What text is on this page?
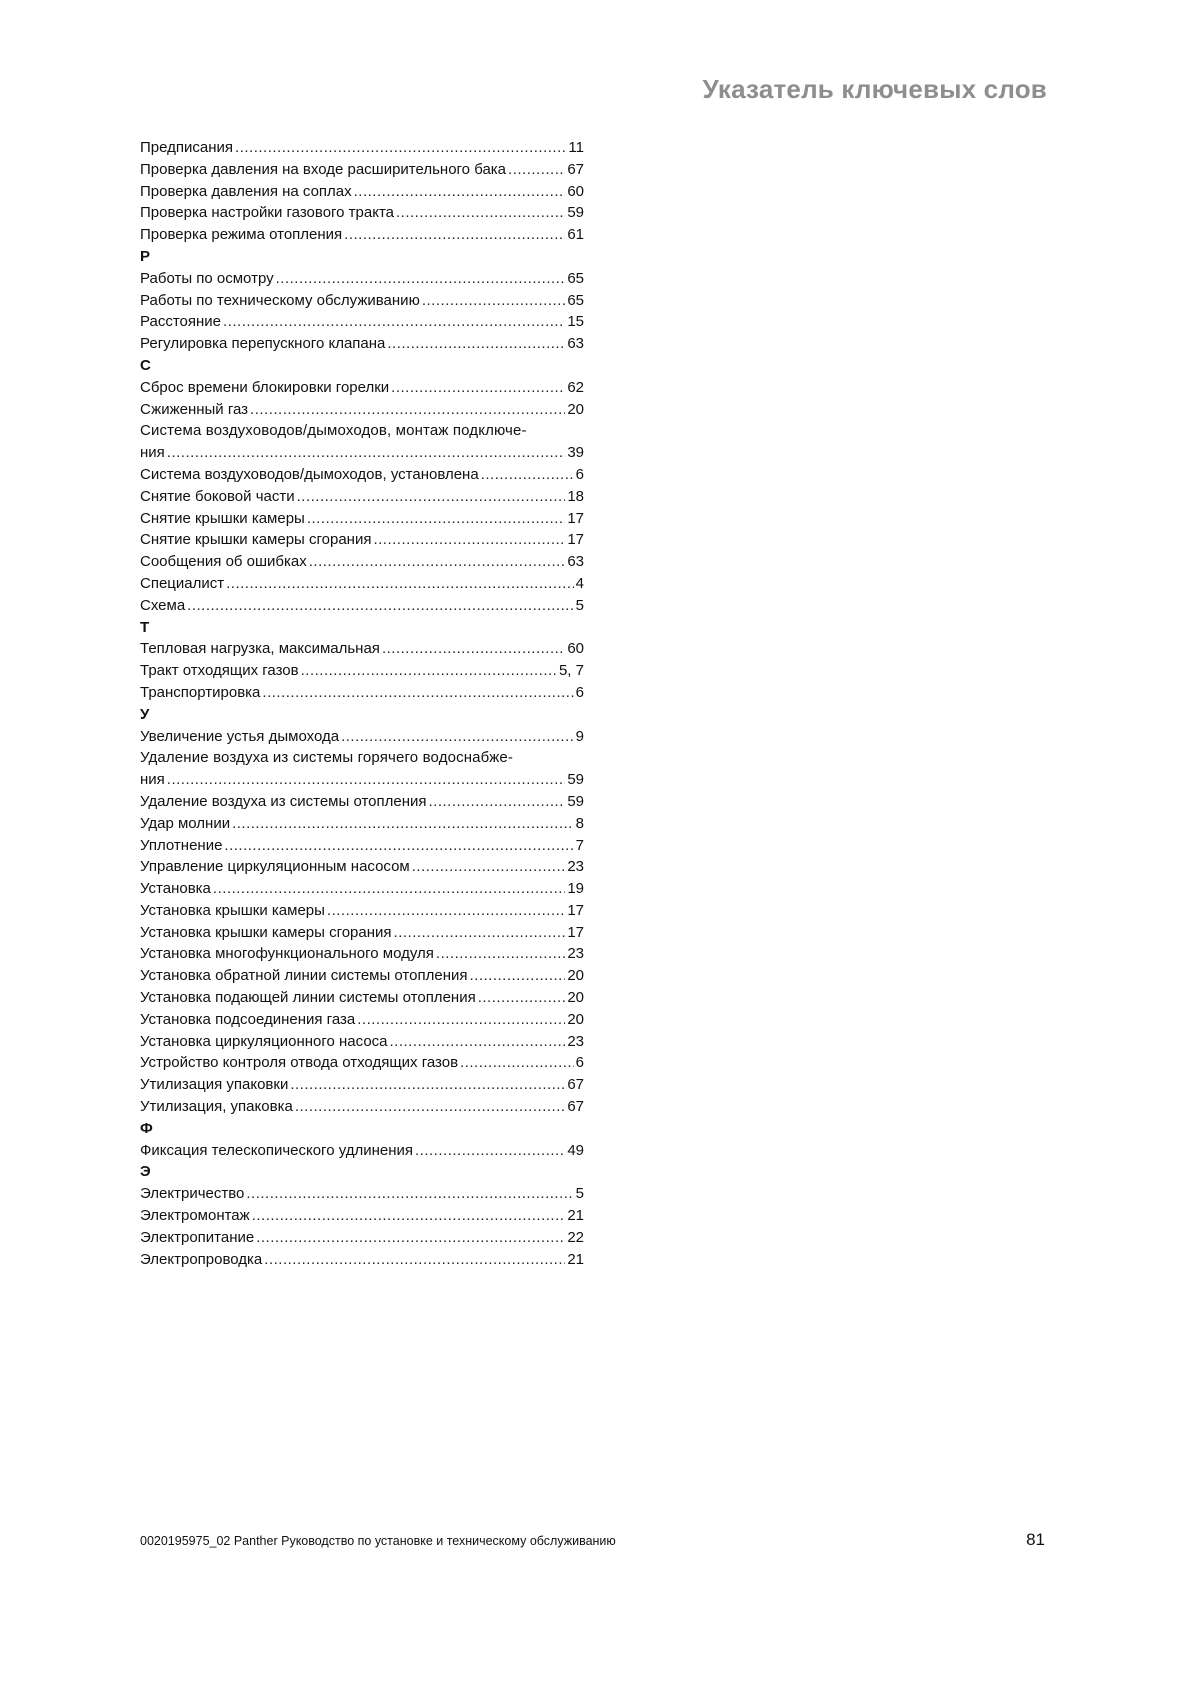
Указатель ключевых слов
Предписания .....	11
Проверка давления на входе расширительного бака .....	67
Проверка давления на соплах .....	60
Проверка настройки газового тракта .....	59
Проверка режима отопления .....	61
Р
Работы по осмотру .....	65
Работы по техническому обслуживанию .....	65
Расстояние .....	15
Регулировка перепускного клапана .....	63
С
Сброс времени блокировки горелки .....	62
Сжиженный газ .....	20
Система воздуховодов/дымоходов, монтаж подключе-
ния .....	39
Система воздуховодов/дымоходов, установлена .....	6
Снятие боковой части .....	18
Снятие крышки камеры .....	17
Снятие крышки камеры сгорания .....	17
Сообщения об ошибках .....	63
Специалист .....	4
Схема .....	5
Т
Тепловая нагрузка, максимальная .....	60
Тракт отходящих газов .....	5, 7
Транспортировка .....	6
У
Увеличение устья дымохода .....	9
Удаление воздуха из системы горячего водоснабже-
ния .....	59
Удаление воздуха из системы отопления .....	59
Удар молнии .....	8
Уплотнение .....	7
Управление циркуляционным насосом .....	23
Установка .....	19
Установка крышки камеры .....	17
Установка крышки камеры сгорания .....	17
Установка многофункционального модуля .....	23
Установка обратной линии системы отопления .....	20
Установка подающей линии системы отопления .....	20
Установка подсоединения газа .....	20
Установка циркуляционного насоса .....	23
Устройство контроля отвода отходящих газов .....	6
Утилизация упаковки .....	67
Утилизация, упаковка .....	67
Ф
Фиксация телескопического удлинения .....	49
Э
Электричество .....	5
Электромонтаж .....	21
Электропитание .....	22
Электропроводка .....	21
0020195975_02 Panther Руководство по установке и техническому обслуживанию	81
